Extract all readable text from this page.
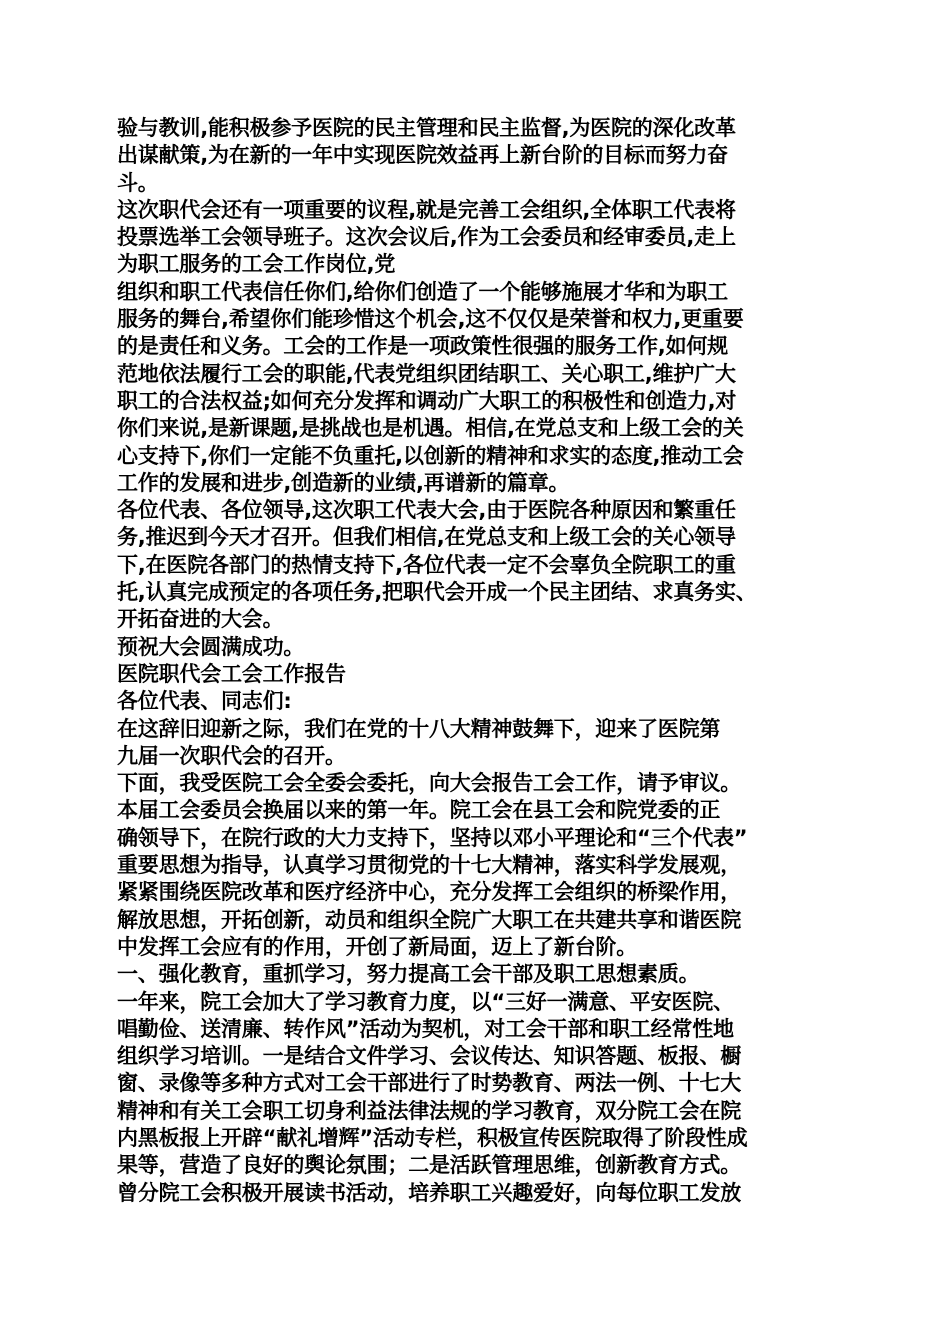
验与教训,能积极参予医院的民主管理和民主监督,为医院的深化改革
出谋献策,为在新的一年中实现医院效益再上新台阶的目标而努力奋
斗。
这次职代会还有一项重要的议程,就是完善工会组织,全体职工代表将
投票选举工会领导班子。这次会议后,作为工会委员和经审委员,走上
为职工服务的工会工作岗位,党
组织和职工代表信任你们,给你们创造了一个能够施展才华和为职工
服务的舞台,希望你们能珍惜这个机会,这不仅仅是荣誉和权力,更重要
的是责任和义务。工会的工作是一项政策性很强的服务工作,如何规
范地依法履行工会的职能,代表党组织团结职工、关心职工,维护广大
职工的合法权益;如何充分发挥和调动广大职工的积极性和创造力,对
你们来说,是新课题,是挑战也是机遇。相信,在党总支和上级工会的关
心支持下,你们一定能不负重托,以创新的精神和求实的态度,推动工会
工作的发展和进步,创造新的业绩,再谱新的篇章。
各位代表、各位领导,这次职工代表大会,由于医院各种原因和繁重任
务,推迟到今天才召开。但我们相信,在党总支和上级工会的关心领导
下,在医院各部门的热情支持下,各位代表一定不会辜负全院职工的重
托,认真完成预定的各项任务,把职代会开成一个民主团结、求真务实、
开拓奋进的大会。
预祝大会圆满成功。
医院职代会工会工作报告
各位代表、同志们:
在这辞旧迎新之际，我们在党的十八大精神鼓舞下，迎来了医院第
九届一次职代会的召开。
下面，我受医院工会全委会委托，向大会报告工会工作，请予审议。
本届工会委员会换届以来的第一年。院工会在县工会和院党委的正
确领导下，在院行政的大力支持下，坚持以邓小平理论和“三个代表”
重要思想为指导，认真学习贯彻党的十七大精神，落实科学发展观，
紧紧围绕医院改革和医疗经济中心，充分发挥工会组织的桥梁作用，
解放思想，开拓创新，动员和组织全院广大职工在共建共享和谐医院
中发挥工会应有的作用，开创了新局面，迈上了新台阶。
一、强化教育，重抓学习，努力提高工会干部及职工思想素质。
一年来，院工会加大了学习教育力度，以“三好一满意、平安医院、
唱勤俭、送清廉、转作风”活动为契机，对工会干部和职工经常性地
组织学习培训。一是结合文件学习、会议传达、知识答题、板报、橱
窗、录像等多种方式对工会干部进行了时势教育、两法一例、十七大
精神和有关工会职工切身利益法律法规的学习教育，双分院工会在院
内黑板报上开辟“献礼增辉”活动专栏，积极宣传医院取得了阶段性成
果等，营造了良好的舆论氛围；二是活跃管理思维，创新教育方式。
曾分院工会积极开展读书活动，培养职工兴趣爱好，向每位职工发放
